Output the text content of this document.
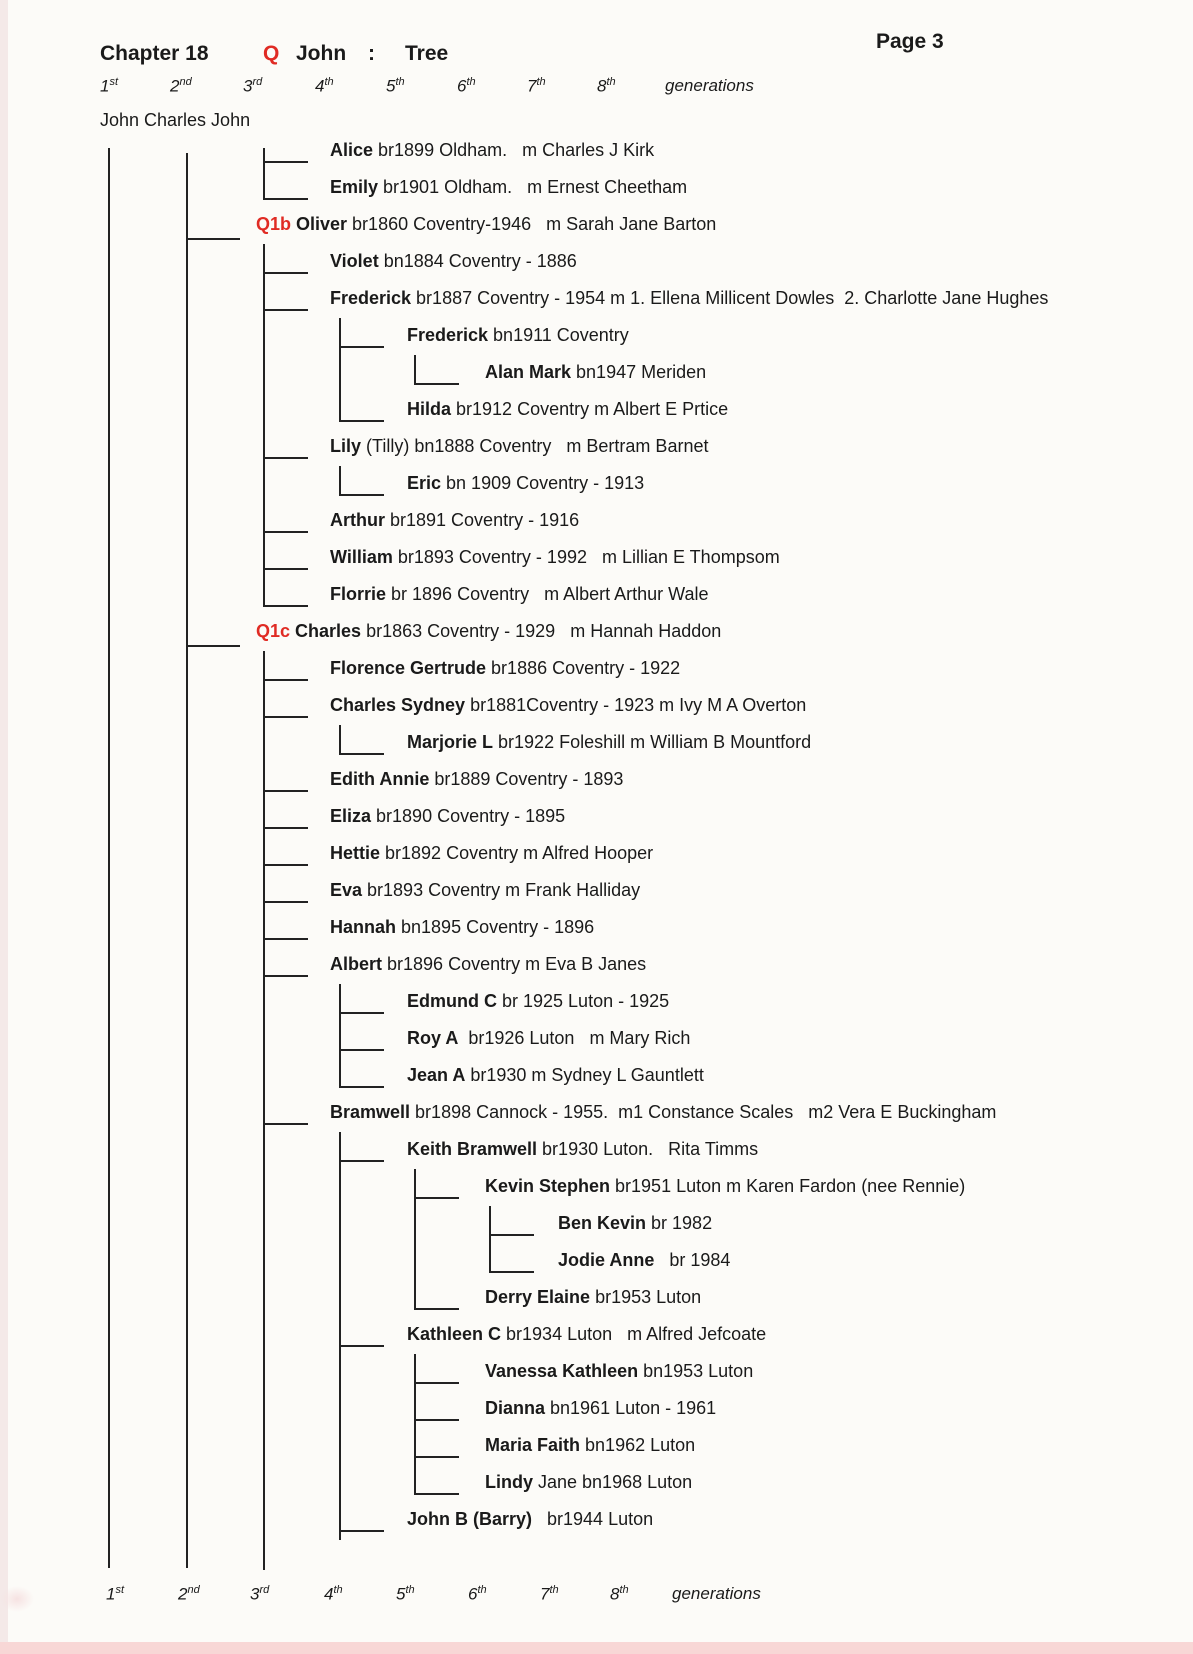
Chapter 18	Q John : Tree
Page 3
1st	2nd	3rd	4th	5th	6th	7th	8th	generations
John Charles John
Alice br1899 Oldham.   m Charles J Kirk
Emily br1901 Oldham.   m Ernest Cheetham
Q1b Oliver br1860 Coventry-1946   m Sarah Jane Barton
Violet bn1884 Coventry - 1886
Frederick br1887 Coventry - 1954 m 1. Ellena Millicent Dowles  2. Charlotte Jane Hughes
Frederick bn1911 Coventry
Alan Mark bn1947 Meriden
Hilda br1912 Coventry m Albert E Prtice
Lily (Tilly) bn1888 Coventry   m Bertram Barnet
Eric bn 1909 Coventry - 1913
Arthur br1891 Coventry - 1916
William br1893 Coventry - 1992   m Lillian E Thompsom
Florrie br 1896 Coventry   m Albert Arthur Wale
Q1c Charles br1863 Coventry - 1929   m Hannah Haddon
Florence Gertrude br1886 Coventry - 1922
Charles Sydney br1881Coventry - 1923 m Ivy M A Overton
Marjorie L br1922 Foleshill m William B Mountford
Edith Annie br1889 Coventry - 1893
Eliza br1890 Coventry - 1895
Hettie br1892 Coventry m Alfred Hooper
Eva br1893 Coventry m Frank Halliday
Hannah bn1895 Coventry - 1896
Albert br1896 Coventry m Eva B Janes
Edmund C br 1925 Luton - 1925
Roy A  br1926 Luton   m Mary Rich
Jean A br1930 m Sydney L Gauntlett
Bramwell br1898 Cannock - 1955.  m1 Constance Scales   m2 Vera E Buckingham
Keith Bramwell br1930 Luton.   Rita Timms
Kevin Stephen br1951 Luton m Karen Fardon (nee Rennie)
Ben Kevin br 1982
Jodie Anne   br 1984
Derry Elaine br1953 Luton
Kathleen C br1934 Luton   m Alfred Jefcoate
Vanessa Kathleen bn1953 Luton
Dianna bn1961 Luton - 1961
Maria Faith bn1962 Luton
Lindy Jane bn1968 Luton
John B (Barry)   br1944 Luton
1st	2nd	3rd	4th	5th	6th	7th	8th	generations
